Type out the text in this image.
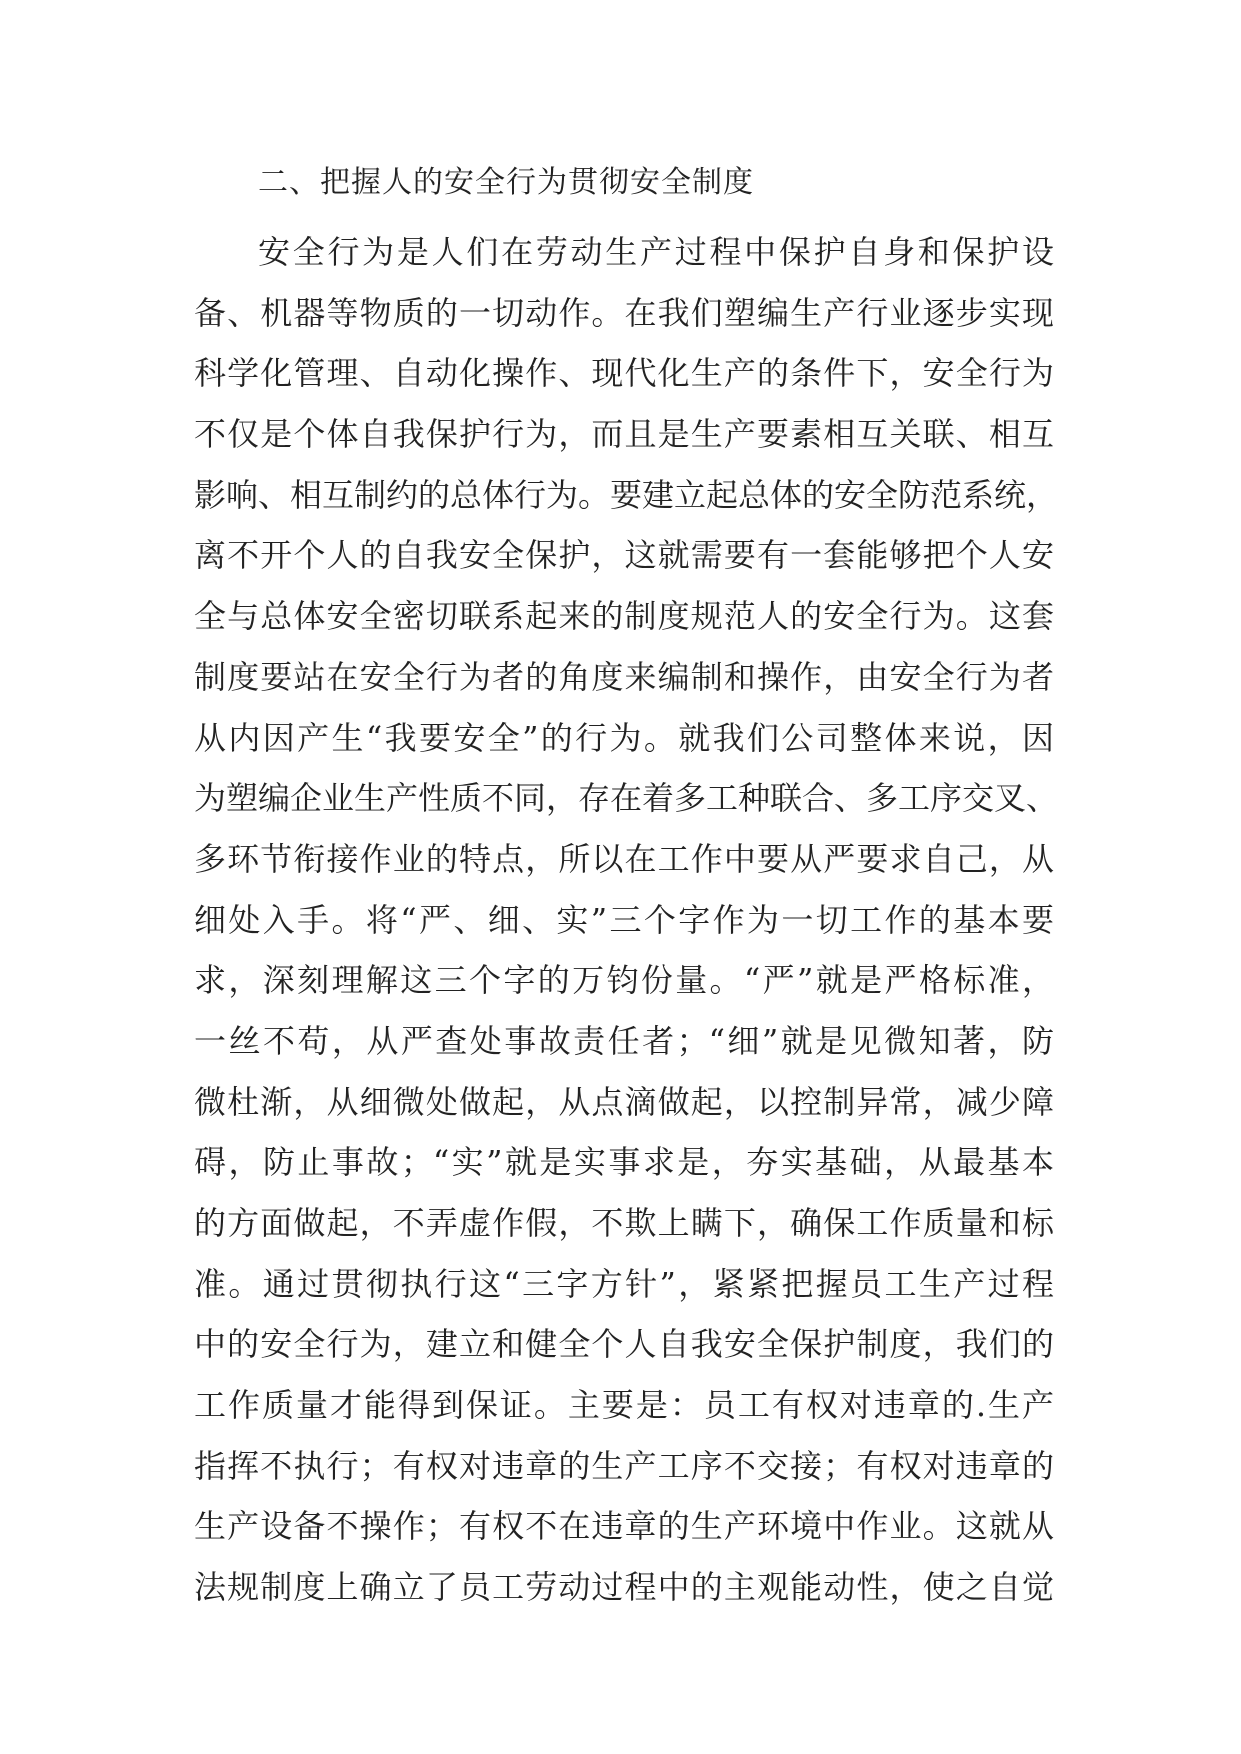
二、把握人的安全行为贯彻安全制度
安全行为是人们在劳动生产过程中保护自身和保护设
备、机器等物质的一切动作。在我们塑编生产行业逐步实现
科学化管理、自动化操作、现代化生产的条件下，安全行为
不仅是个体自我保护行为，而且是生产要素相互关联、相互
影响、相互制约的总体行为。要建立起总体的安全防范系统，
离不开个人的自我安全保护，这就需要有一套能够把个人安
全与总体安全密切联系起来的制度规范人的安全行为。这套
制度要站在安全行为者的角度来编制和操作，由安全行为者
从内因产生“我要安全”的行为。就我们公司整体来说，因
为塑编企业生产性质不同，存在着多工种联合、多工序交叉、
多环节衔接作业的特点，所以在工作中要从严要求自己，从
细处入手。将“严、细、实”三个字作为一切工作的基本要
求，深刻理解这三个字的万钧份量。“严”就是严格标准，
一丝不苟，从严查处事故责任者；“细”就是见微知著，防
微杜渐，从细微处做起，从点滴做起，以控制异常，减少障
碍，防止事故；“实”就是实事求是，夯实基础，从最基本
的方面做起，不弄虚作假，不欺上瞒下，确保工作质量和标
准。通过贯彻执行这“三字方针”，紧紧把握员工生产过程
中的安全行为，建立和健全个人自我安全保护制度，我们的
工作质量才能得到保证。主要是：员工有权对违章的.生产
指挥不执行；有权对违章的生产工序不交接；有权对违章的
生产设备不操作；有权不在违章的生产环境中作业。这就从
法规制度上确立了员工劳动过程中的主观能动性，使之自觉
